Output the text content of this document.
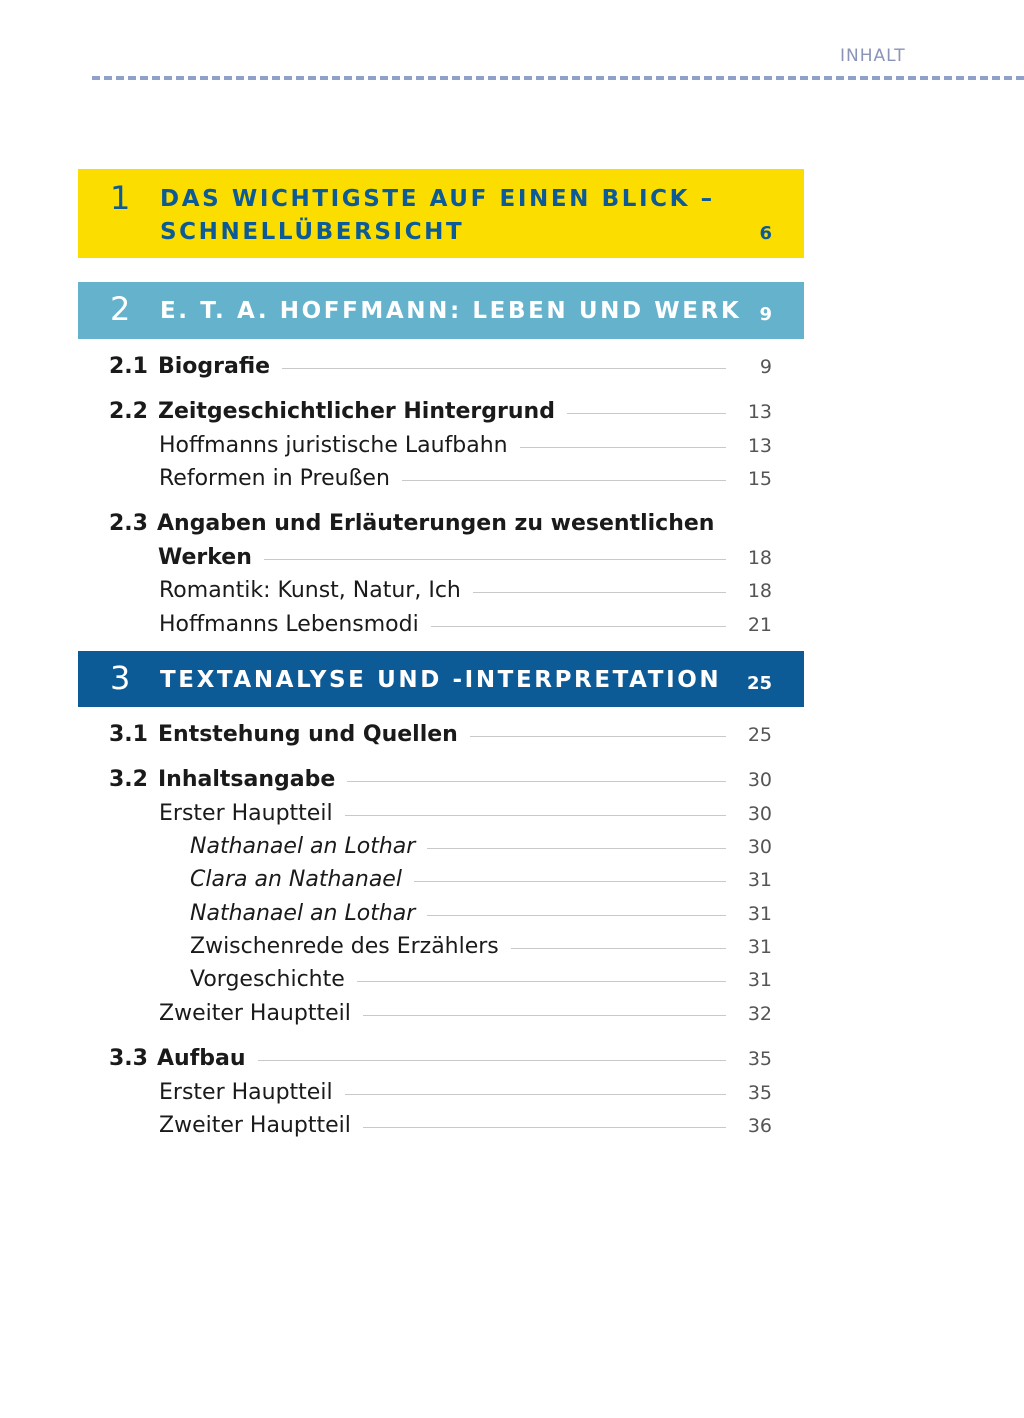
INHALT
1 DAS WICHTIGSTE AUF EINEN BLICK –
SCHNELLÜBERSICHT	6
2 E. T. A. HOFFMANN: LEBEN UND WERK 9
2.1 Biografie	9
2.2 Zeitgeschichtlicher Hintergrund	13
Hoffmanns juristische Laufbahn	13
Reformen in Preußen	15
2.3 Angaben und Erläuterungen zu wesentlichen
Werken	18
Romantik: Kunst, Natur, Ich	18
Hoffmanns Lebensmodi	21
3 TEXTANALYSE UND -INTERPRETATION 25
3.1 Entstehung und Quellen	25
3.2 Inhaltsangabe	30
Erster Hauptteil	30
Nathanael an Lothar	30
Clara an Nathanael	31
Nathanael an Lothar	31
Zwischenrede des Erzählers	31
Vorgeschichte	31
Zweiter Hauptteil	32
3.3 Aufbau	35
Erster Hauptteil	35
Zweiter Hauptteil	36
